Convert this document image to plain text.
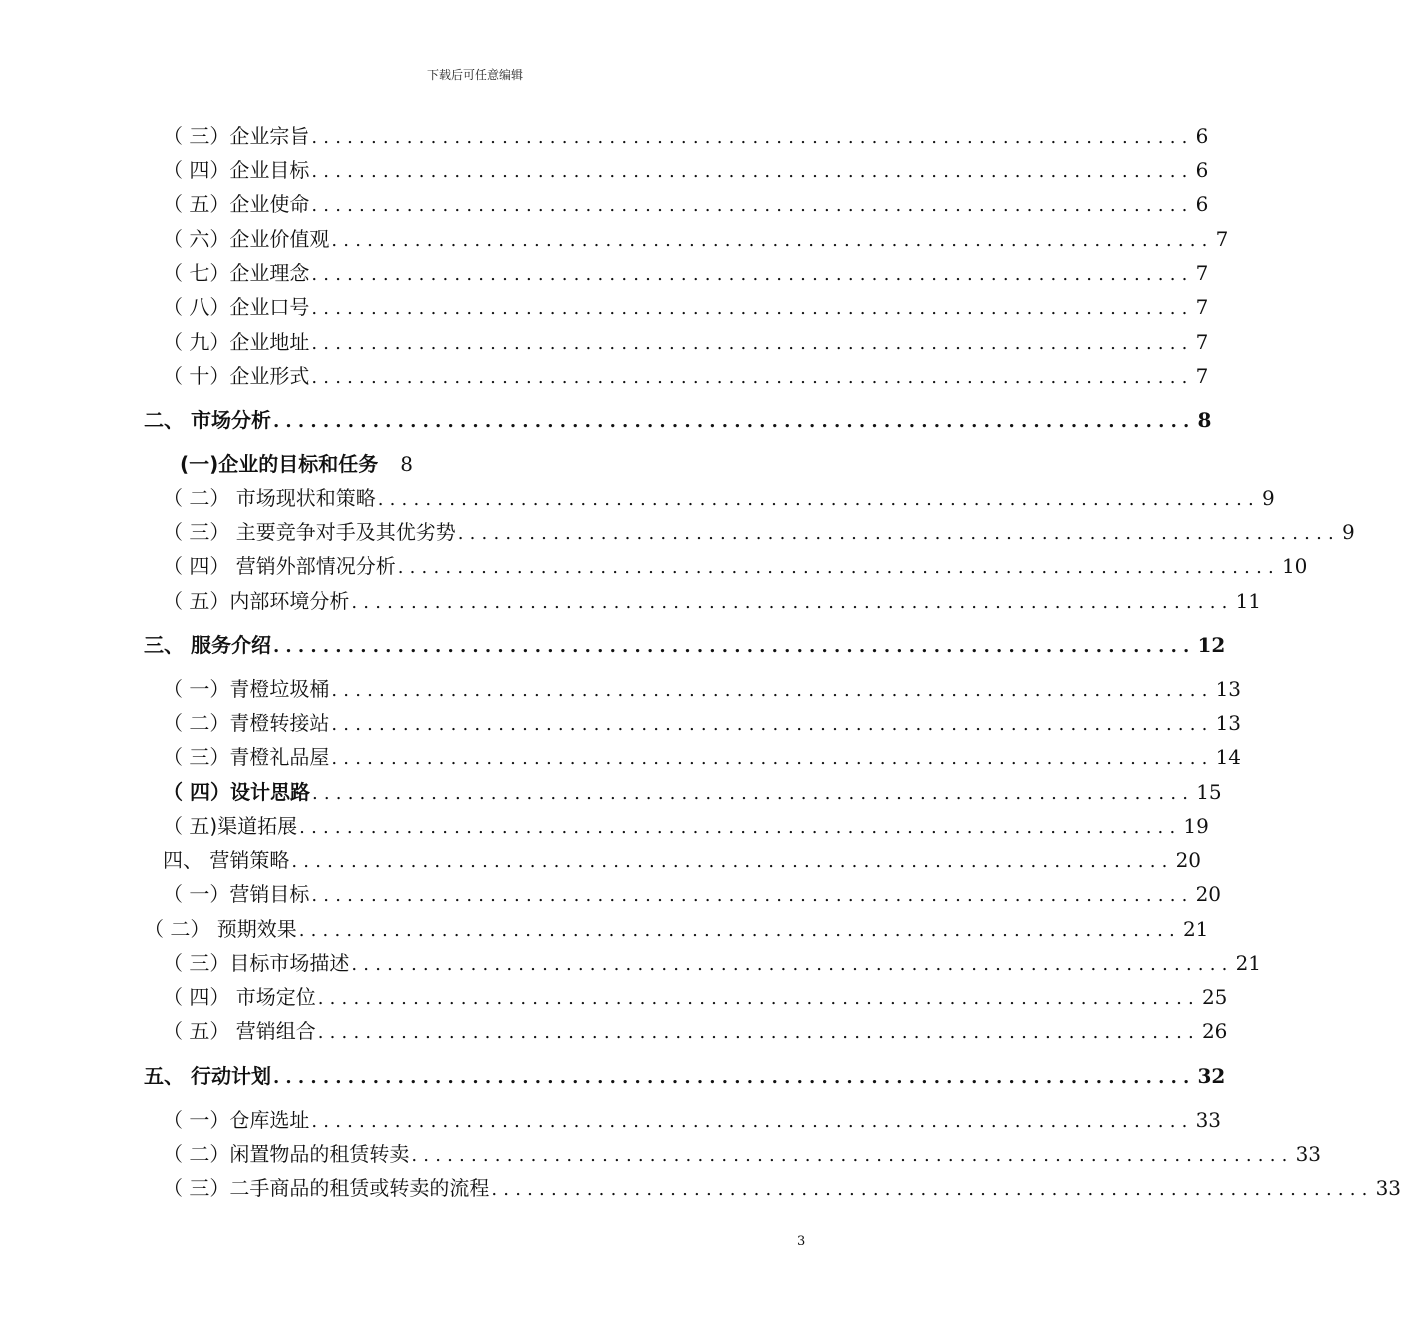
下载后可任意编辑
（ 三）企业宗旨 .......................................................................... 6
（ 四）企业目标 .......................................................................... 6
（ 五）企业使命 .......................................................................... 6
（ 六）企业价值观 .......................................................................... 7
（ 七）企业理念 .......................................................................... 7
（ 八）企业口号 .......................................................................... 7
（ 九）企业地址 .......................................................................... 7
（ 十）企业形式 .......................................................................... 7
二、 市场分析 .......................................................................... 8
(一)企业的目标和任务 8
（ 二） 市场现状和策略 .......................................................................... 9
（ 三） 主要竞争对手及其优劣势 .......................................................................... 9
（ 四） 营销外部情况分析 .......................................................................... 10
（ 五）内部环境分析 .......................................................................... 11
三、 服务介绍 .......................................................................... 12
（ 一）青橙垃圾桶 .......................................................................... 13
（ 二）青橙转接站 .......................................................................... 13
（ 三）青橙礼品屋 .......................................................................... 14
（ 四）设计思路 .......................................................................... 15
（ 五)渠道拓展 .......................................................................... 19
四、 营销策略 .......................................................................... 20
（ 一）营销目标 .......................................................................... 20
（ 二） 预期效果 .......................................................................... 21
（ 三）目标市场描述 .......................................................................... 21
（ 四） 市场定位 .......................................................................... 25
（ 五） 营销组合 .......................................................................... 26
五、 行动计划 .......................................................................... 32
（ 一）仓库选址 .......................................................................... 33
（ 二）闲置物品的租赁转卖 .......................................................................... 33
（ 三）二手商品的租赁或转卖的流程 .......................................................................... 33
3
